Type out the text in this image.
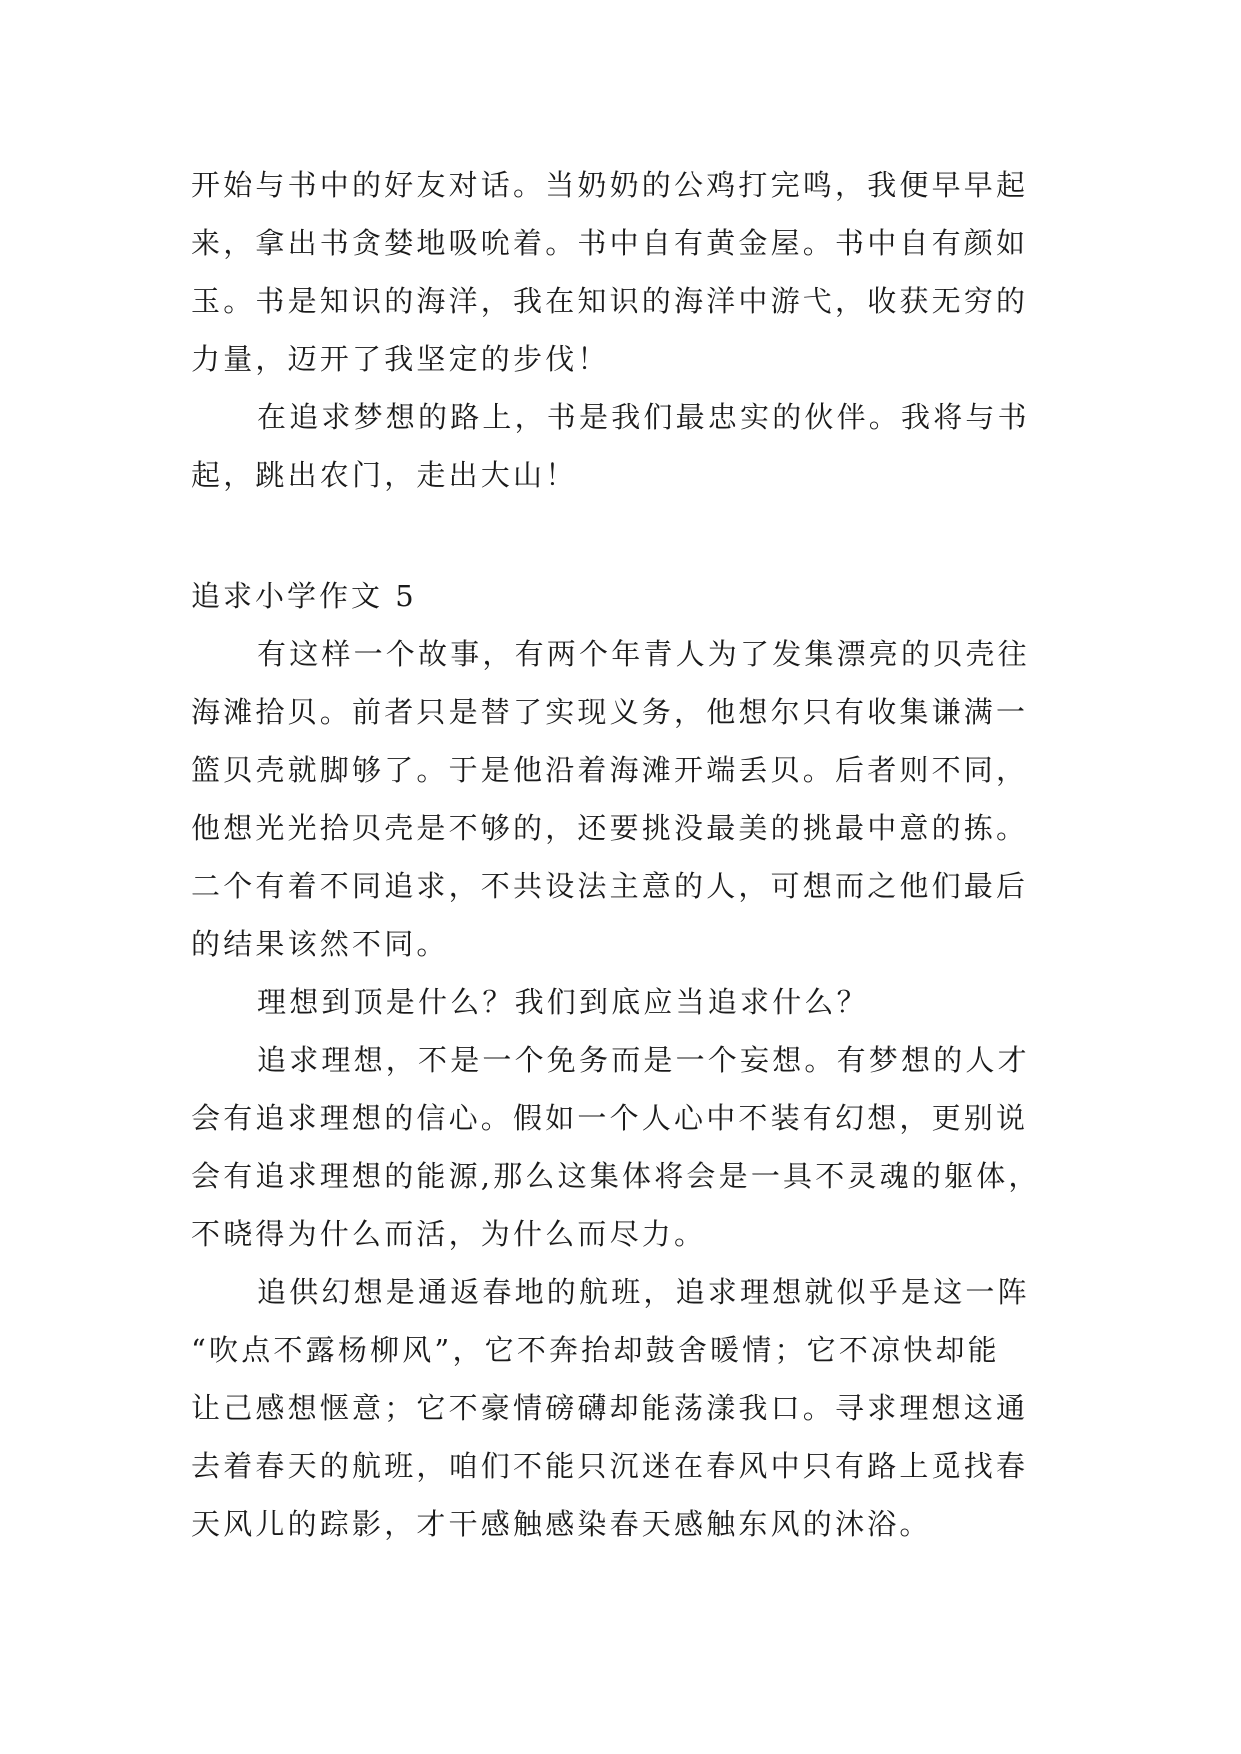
开始与书中的好友对话。当奶奶的公鸡打完鸣，我便早早起
来，拿出书贪婪地吸吮着。书中自有黄金屋。书中自有颜如
玉。书是知识的海洋，我在知识的海洋中游弋，收获无穷的
力量，迈开了我坚定的步伐！
在追求梦想的路上，书是我们最忠实的伙伴。我将与书
起，跳出农门，走出大山！
追求小学作文 5
有这样一个故事，有两个年青人为了发集漂亮的贝壳往
海滩拾贝。前者只是替了实现义务，他想尔只有收集谦满一
篮贝壳就脚够了。于是他沿着海滩开端丢贝。后者则不同，
他想光光拾贝壳是不够的，还要挑没最美的挑最中意的拣。
二个有着不同追求，不共设法主意的人，可想而之他们最后
的结果该然不同。
理想到顶是什么？我们到底应当追求什么？
追求理想，不是一个免务而是一个妄想。有梦想的人才
会有追求理想的信心。假如一个人心中不装有幻想，更别说
会有追求理想的能源,那么这集体将会是一具不灵魂的躯体，
不晓得为什么而活，为什么而尽力。
追供幻想是通返春地的航班，追求理想就似乎是这一阵
“吹点不露杨柳风”，它不奔抬却鼓舍暖情；它不凉快却能
让己感想惬意；它不豪情磅礴却能荡漾我口。寻求理想这通
去着春天的航班，咱们不能只沉迷在春风中只有路上觅找春
天风儿的踪影，才干感触感染春天感触东风的沐浴。
